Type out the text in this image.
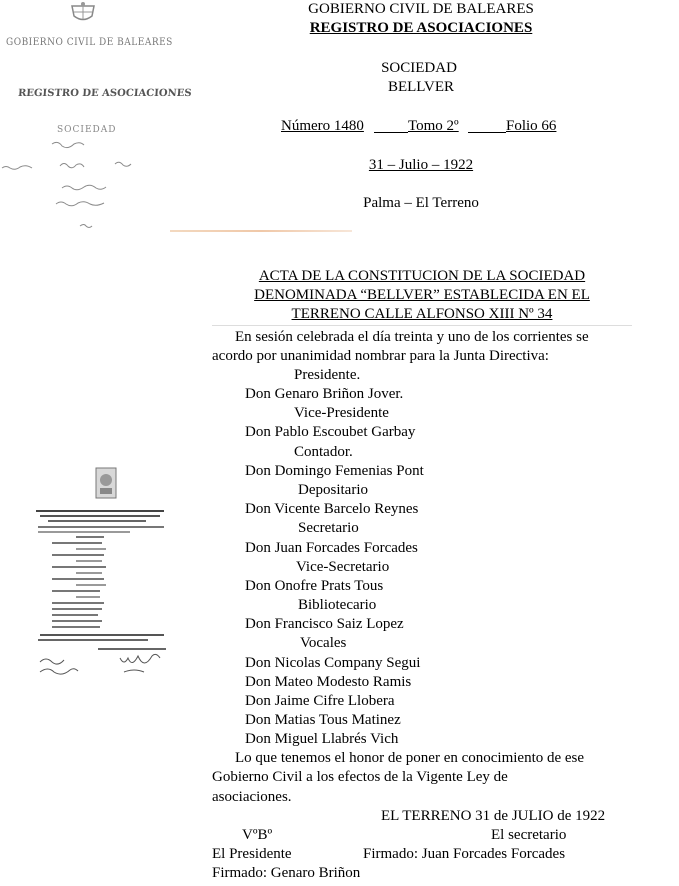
GOBIERNO CIVIL DE BALEARES
REGISTRO DE ASOCIACIONES
SOCIEDAD
GOBIERNO CIVIL DE BALEARES
REGISTRO DE ASOCIACIONES
SOCIEDAD
BELLVER
Número 1480	Tomo 2º	Folio 66
31 – Julio – 1922
Palma – El Terreno
ACTA DE LA CONSTITUCION DE LA SOCIEDAD
DENOMINADA “BELLVER” ESTABLECIDA EN EL
TERRENO CALLE ALFONSO XIII Nº 34
En sesión celebrada el día treinta y uno de los corrientes se
acordo por unanimidad nombrar para la Junta Directiva:
Presidente.
Don Genaro Briñon Jover.
Vice-Presidente
Don Pablo Escoubet Garbay
Contador.
Don Domingo Femenias Pont
Depositario
Don Vicente Barcelo Reynes
Secretario
Don Juan Forcades Forcades
Vice-Secretario
Don Onofre Prats Tous
Bibliotecario
Don Francisco Saiz Lopez
Vocales
Don Nicolas Company Segui
Don Mateo Modesto Ramis
Don Jaime Cifre Llobera
Don Matias Tous Matinez
Don Miguel Llabrés Vich
Lo que tenemos el honor de poner en conocimiento de ese
Gobierno Civil a los efectos de la Vigente Ley de
asociaciones.
EL TERRENO 31 de JULIO de 1922
VºBº	El secretario
El Presidente	Firmado: Juan Forcades Forcades
Firmado: Genaro Briñon
